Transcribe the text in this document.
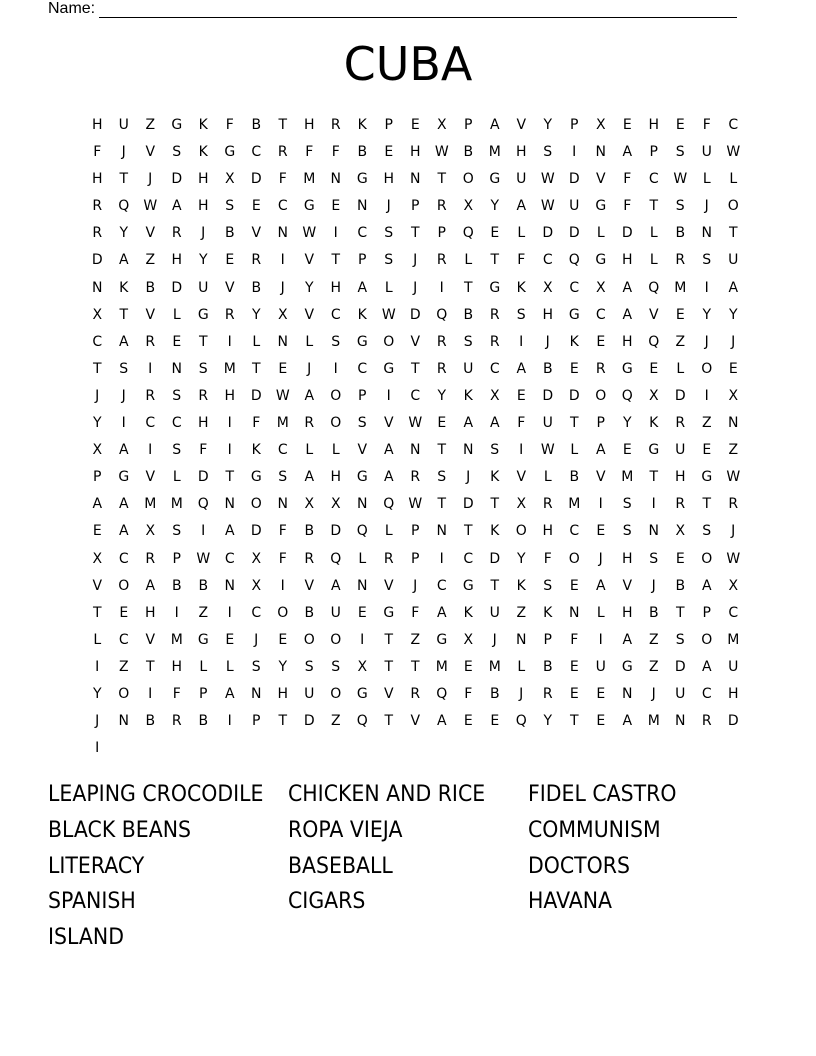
Name:
CUBA
H	U	Z	G	K	F	B	T	H	R	K	P	E	X	P	A	V	Y	P	X	E	H	E	F	C
F	J	V	S	K	G	C	R	F	F	B	E	H	W	B	M	H	S	I	N	A	P	S	U	W
H	T	J	D	H	X	D	F	M	N	G	H	N	T	O	G	U	W	D	V	F	C	W	L	L
R	Q	W	A	H	S	E	C	G	E	N	J	P	R	X	Y	A	W	U	G	F	T	S	J	O
R	Y	V	R	J	B	V	N	W	I	C	S	T	P	Q	E	L	D	D	L	D	L	B	N	T
D	A	Z	H	Y	E	R	I	V	T	P	S	J	R	L	T	F	C	Q	G	H	L	R	S	U
N	K	B	D	U	V	B	J	Y	H	A	L	J	I	T	G	K	X	C	X	A	Q	M	I	A
X	T	V	L	G	R	Y	X	V	C	K	W	D	Q	B	R	S	H	G	C	A	V	E	Y	Y
C	A	R	E	T	I	L	N	L	S	G	O	V	R	S	R	I	J	K	E	H	Q	Z	J	J
T	S	I	N	S	M	T	E	J	I	C	G	T	R	U	C	A	B	E	R	G	E	L	O	E
J	J	R	S	R	H	D	W	A	O	P	I	C	Y	K	X	E	D	D	O	Q	X	D	I	X
Y	I	C	C	H	I	F	M	R	O	S	V	W	E	A	A	F	U	T	P	Y	K	R	Z	N
X	A	I	S	F	I	K	C	L	L	V	A	N	T	N	S	I	W	L	A	E	G	U	E	Z
P	G	V	L	D	T	G	S	A	H	G	A	R	S	J	K	V	L	B	V	M	T	H	G	W
A	A	M	M	Q	N	O	N	X	X	N	Q	W	T	D	T	X	R	M	I	S	I	R	T	R
E	A	X	S	I	A	D	F	B	D	Q	L	P	N	T	K	O	H	C	E	S	N	X	S	J
X	C	R	P	W	C	X	F	R	Q	L	R	P	I	C	D	Y	F	O	J	H	S	E	O	W
V	O	A	B	B	N	X	I	V	A	N	V	J	C	G	T	K	S	E	A	V	J	B	A	X
T	E	H	I	Z	I	C	O	B	U	E	G	F	A	K	U	Z	K	N	L	H	B	T	P	C
L	C	V	M	G	E	J	E	O	O	I	T	Z	G	X	J	N	P	F	I	A	Z	S	O	M
I	Z	T	H	L	L	S	Y	S	S	X	T	T	M	E	M	L	B	E	U	G	Z	D	A	U
Y	O	I	F	P	A	N	H	U	O	G	V	R	Q	F	B	J	R	E	E	N	J	U	C	H
J	N	B	R	B	I	P	T	D	Z	Q	T	V	A	E	E	Q	Y	T	E	A	M	N	R	D
I
LEAPING CROCODILE	CHICKEN AND RICE	FIDEL CASTRO
BLACK BEANS	ROPA VIEJA	COMMUNISM
LITERACY	BASEBALL	DOCTORS
SPANISH	CIGARS	HAVANA
ISLAND
